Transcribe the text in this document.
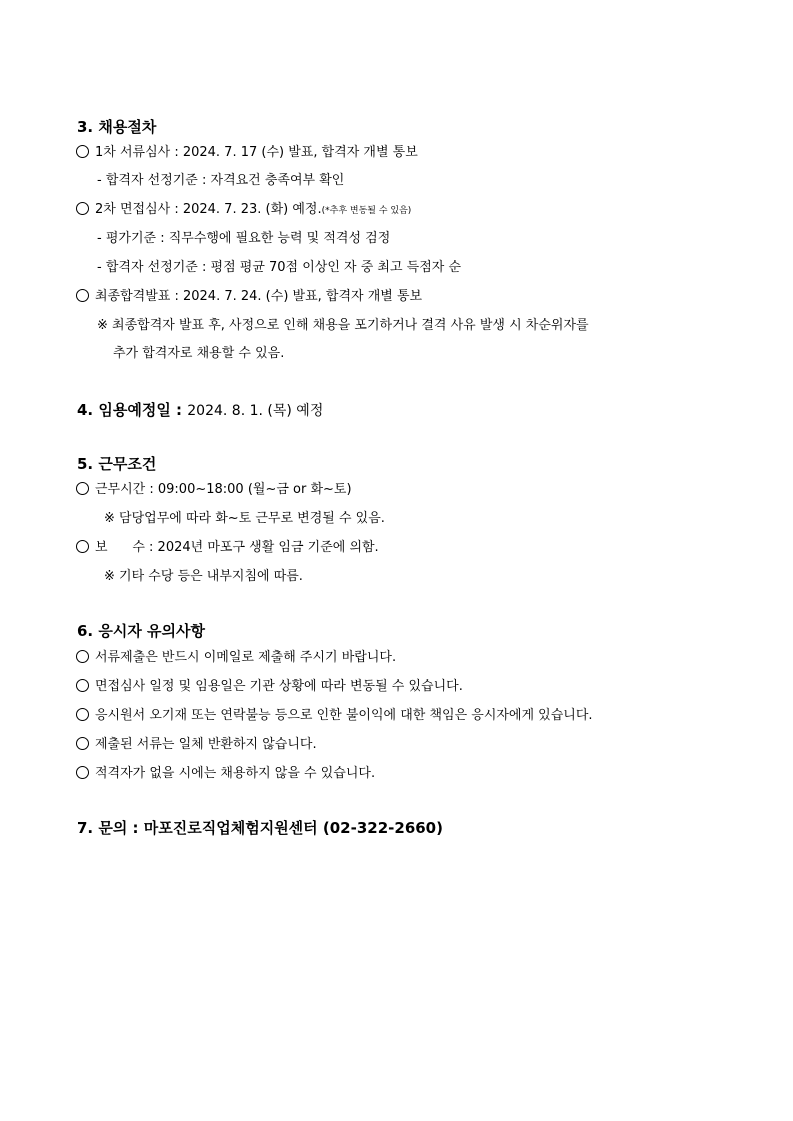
3. 채용절차
1차 서류심사 : 2024. 7. 17 (수) 발표, 합격자 개별 통보
- 합격자 선정기준 : 자격요건 충족여부 확인
2차 면접심사 : 2024. 7. 23. (화) 예정.(*추후 변동될 수 있음)
- 평가기준 : 직무수행에 필요한 능력 및 적격성 검정
- 합격자 선정기준 : 평점 평균 70점 이상인 자 중 최고 득점자 순
최종합격발표 : 2024. 7. 24. (수) 발표, 합격자 개별 통보
※ 최종합격자 발표 후, 사정으로 인해 채용을 포기하거나 결격 사유 발생 시 차순위자를
추가 합격자로 채용할 수 있음.
4. 임용예정일 : 2024. 8. 1. (목) 예정
5. 근무조건
근무시간 : 09:00~18:00 (월~금 or 화~토)
※ 담당업무에 따라 화~토 근무로 변경될 수 있음.
보      수 : 2024년 마포구 생활 임금 기준에 의함.
※ 기타 수당 등은 내부지침에 따름.
6. 응시자 유의사항
서류제출은 반드시 이메일로 제출해 주시기 바랍니다.
면접심사 일정 및 임용일은 기관 상황에 따라 변동될 수 있습니다.
응시원서 오기재 또는 연락불능 등으로 인한 불이익에 대한 책임은 응시자에게 있습니다.
제출된 서류는 일체 반환하지 않습니다.
적격자가 없을 시에는 채용하지 않을 수 있습니다.
7. 문의 : 마포진로직업체험지원센터 (02-322-2660)
